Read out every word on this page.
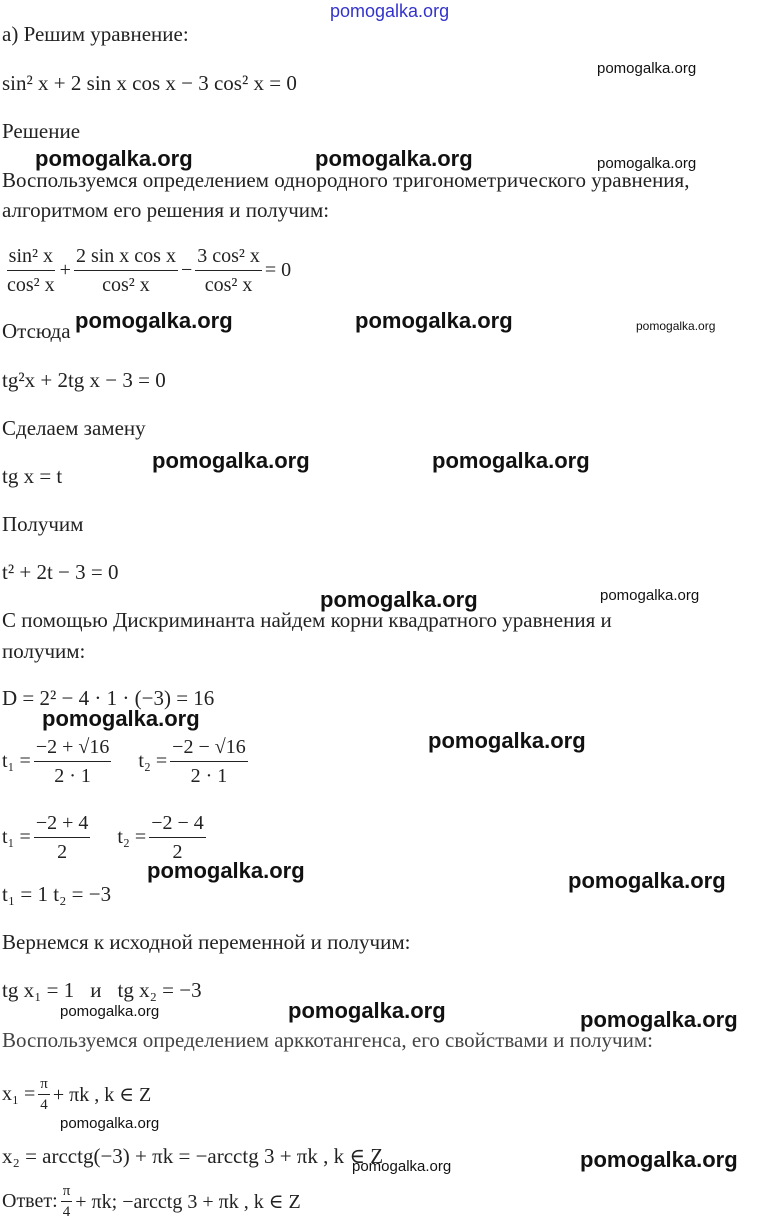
pomogalka.org
а) Решим уравнение:
sin² x + 2 sin x cos x − 3 cos² x = 0
pomogalka.org
Решение
pomogalka.org	pomogalka.org	pomogalka.org
Воспользуемся определением однородного тригонометрического уравнения,
алгоритмом его решения и получим:
$\frac{\text{sin² x}}{\text{cos² x}} + \frac{\text{2 sin x cos x}}{\text{cos² x}} - \frac{\text{3 cos² x}}{\text{cos² x}} = 0$
Отсюда pomogalka.org	pomogalka.org	pomogalka.org
tg²x + 2tg x − 3 = 0
Сделаем замену
tg x = t
pomogalka.org	pomogalka.org
Получим
t² + 2t − 3 = 0
pomogalka.org	pomogalka.org
С помощью Дискриминанта найдем корни квадратного уравнения и
получим:
D = 2² − 4 · 1 · (−3) = 16
pomogalka.org
pomogalka.org
$t_1 = \frac{-2 + √16}{2 \cdot 1} t_2 = \frac{-2 - √16}{2 \cdot 1}$
$t_1 = \frac{-2 + 4}{2} t_2 = \frac{-2 - 4}{2}$
pomogalka.org	pomogalka.org
t₁ = 1 t₂ = −3
Вернемся к исходной переменной и получим:
tg x₁ = 1 и tg x₂ = −3
pomogalka.org	pomogalka.org	pomogalka.org
Воспользуемся определением арккотангенса, его свойствами и получим:
$x_1 = \frac{\pi}{4} + \pi k$ , k ∈ Z
pomogalka.org
x₂ = arcctg(−3) + πk = −arcctg 3 + πk , k ∈ Z
pomogalka.org	pomogalka.org
Ответ: $\frac{\pi}{4} + \pi k$; −arcctg 3 + πk , k ∈ Z
